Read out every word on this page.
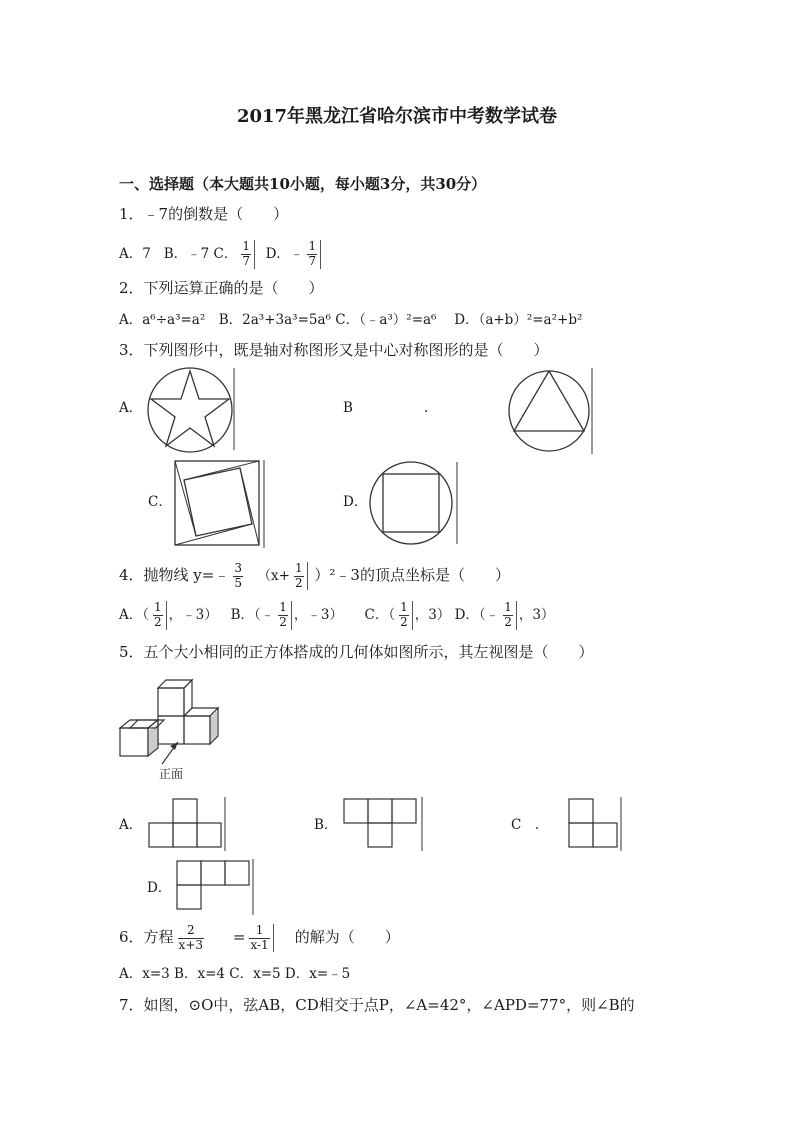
2017年黑龙江省哈尔滨市中考数学试卷
一、选择题（本大题共10小题，每小题3分，共30分）
1．﹣7的倒数是（　　）
A．7 B．﹣7 C． $\frac{1}{7}$ D．﹣ $\frac{1}{7}$
2．下列运算正确的是（　　）
A．a⁶÷a³=a²　B．2a³+3a³=5a⁶ C．（﹣a³）²=a⁶　 D．（a+b）²=a²+b²
3．下列图形中，既是轴对称图形又是中心对称图形的是（　　）
A．	B	.
C．	D．
4．抛物线 y=﹣ $\frac{3}{5} (x+ \frac{1}{2}$ ）²﹣3的顶点坐标是（　　）
A．（ $\frac{1}{2}$ ，﹣3） B．（﹣ $\frac{1}{2}$ ，﹣3） C．（ $\frac{1}{2}$ ，3） D．（﹣ $\frac{1}{2}$ ，3）
5．五个大小相同的正方体搭成的几何体如图所示，其左视图是（　　）
正面
A．	B．	C　.
D．
6．方程 $\frac{2}{x+3} = \frac{1}{x-1}$ 的解为（　　）
A．x=3 B．x=4 C．x=5 D．x=﹣5
7．如图，⊙O中，弦AB，CD相交于点P，∠A=42°，∠APD=77°，则∠B的
